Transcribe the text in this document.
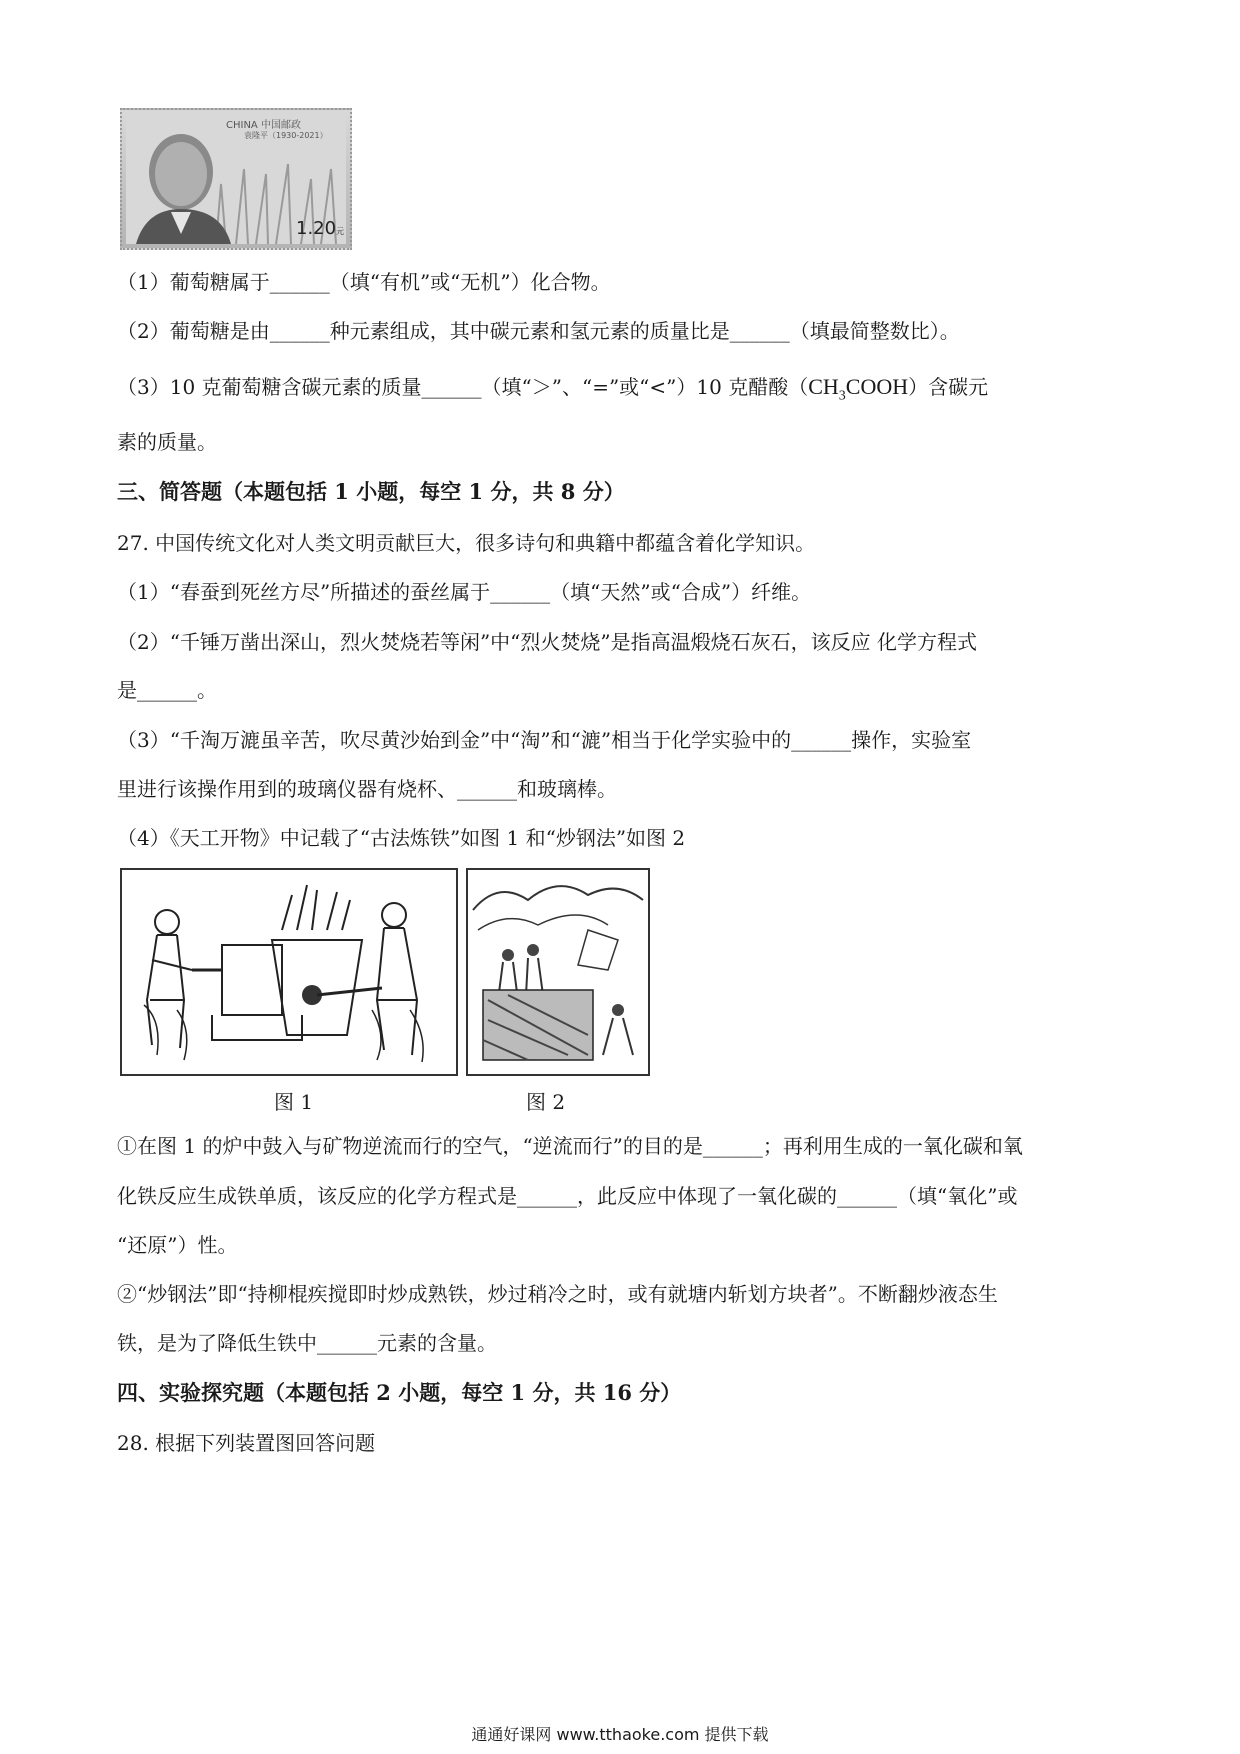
CHINA 中国邮政
袁隆平（1930-2021）
1.20元
（1）葡萄糖属于______（填“有机”或“无机”）化合物。
（2）葡萄糖是由______种元素组成，其中碳元素和氢元素的质量比是______（填最简整数比）。
（3）10 克葡萄糖含碳元素的质量______（填“＞”、“=”或“<”）10 克醋酸$(CH_3COOH)$含碳元
素的质量。
三、简答题（本题包括 1 小题，每空 1 分，共 8 分）
27. 中国传统文化对人类文明贡献巨大，很多诗句和典籍中都蕴含着化学知识。
（1）“春蚕到死丝方尽”所描述的蚕丝属于______（填“天然”或“合成”）纤维。
（2）“千锤万凿出深山，烈火焚烧若等闲”中“烈火焚烧”是指高温煅烧石灰石，该反应 化学方程式
是______。
（3）“千淘万漉虽辛苦，吹尽黄沙始到金”中“淘”和“漉”相当于化学实验中的______操作，实验室
里进行该操作用到的玻璃仪器有烧杯、______和玻璃棒。
（4）《天工开物》中记载了“古法炼铁”如图 1 和“炒钢法”如图 2
图 1	图 2
①在图 1 的炉中鼓入与矿物逆流而行的空气，“逆流而行”的目的是______；再利用生成的一氧化碳和氧
化铁反应生成铁单质，该反应的化学方程式是______，此反应中体现了一氧化碳的______（填“氧化”或
“还原”）性。
②“炒钢法”即“持柳棍疾搅即时炒成熟铁，炒过稍冷之时，或有就塘内斩划方块者”。不断翻炒液态生
铁，是为了降低生铁中______元素的含量。
四、实验探究题（本题包括 2 小题，每空 1 分，共 16 分）
28. 根据下列装置图回答问题
通通好课网 www.tthaoke.com 提供下载
